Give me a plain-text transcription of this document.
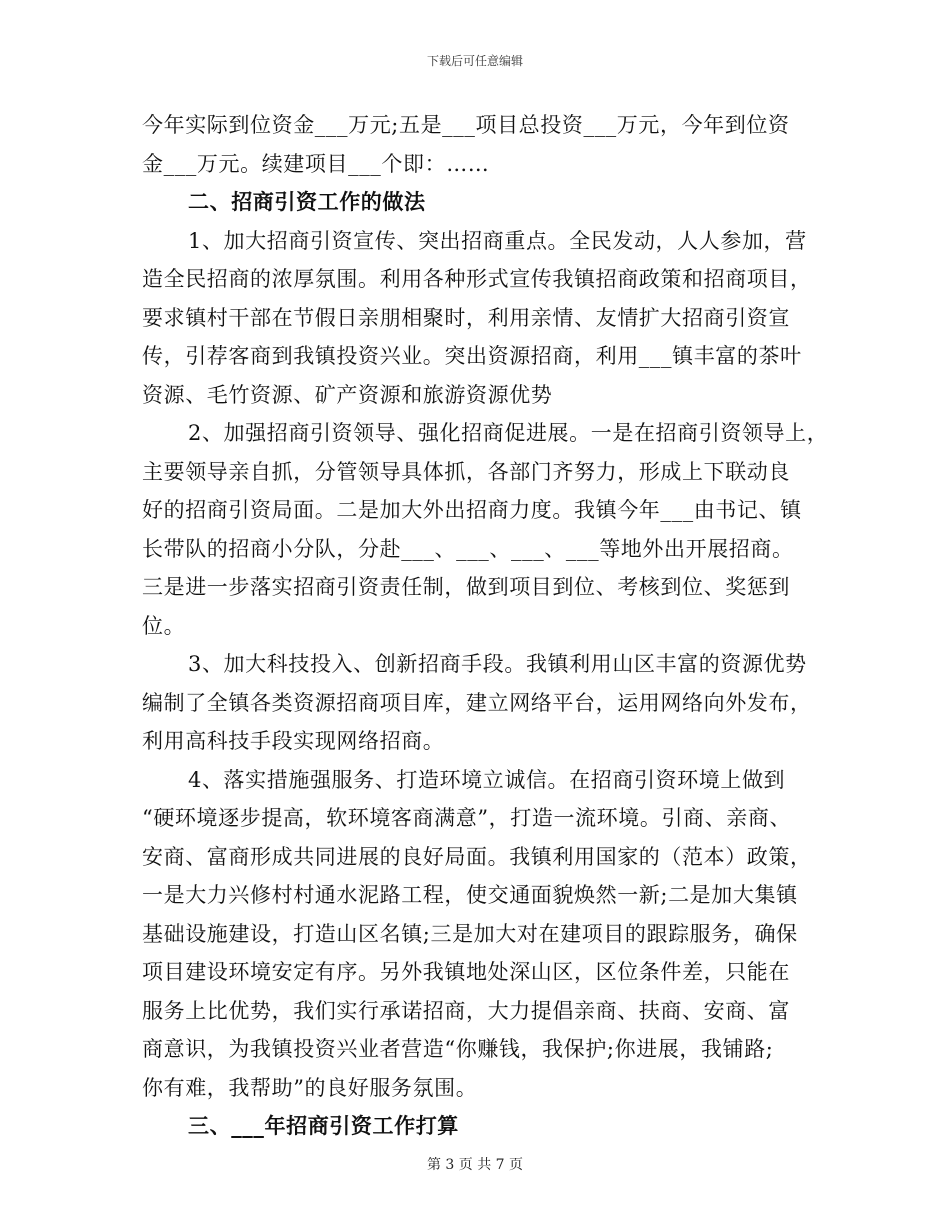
下载后可任意编辑
今年实际到位资金___万元;五是___项目总投资___万元，今年到位资
金___万元。续建项目___个即：……
二、招商引资工作的做法
1、加大招商引资宣传、突出招商重点。全民发动，人人参加，营
造全民招商的浓厚氛围。利用各种形式宣传我镇招商政策和招商项目，
要求镇村干部在节假日亲朋相聚时，利用亲情、友情扩大招商引资宣
传，引荐客商到我镇投资兴业。突出资源招商，利用___镇丰富的茶叶
资源、毛竹资源、矿产资源和旅游资源优势
2、加强招商引资领导、强化招商促进展。一是在招商引资领导上，
主要领导亲自抓，分管领导具体抓，各部门齐努力，形成上下联动良
好的招商引资局面。二是加大外出招商力度。我镇今年___由书记、镇
长带队的招商小分队，分赴___、___、___、___等地外出开展招商。
三是进一步落实招商引资责任制，做到项目到位、考核到位、奖惩到
位。
3、加大科技投入、创新招商手段。我镇利用山区丰富的资源优势
编制了全镇各类资源招商项目库，建立网络平台，运用网络向外发布，
利用高科技手段实现网络招商。
4、落实措施强服务、打造环境立诚信。在招商引资环境上做到
“硬环境逐步提高，软环境客商满意”，打造一流环境。引商、亲商、
安商、富商形成共同进展的良好局面。我镇利用国家的（范本）政策，
一是大力兴修村村通水泥路工程，使交通面貌焕然一新;二是加大集镇
基础设施建设，打造山区名镇;三是加大对在建项目的跟踪服务，确保
项目建设环境安定有序。另外我镇地处深山区，区位条件差，只能在
服务上比优势，我们实行承诺招商，大力提倡亲商、扶商、安商、富
商意识，为我镇投资兴业者营造“你赚钱，我保护;你进展，我铺路;
你有难，我帮助”的良好服务氛围。
三、___年招商引资工作打算
第 3 页 共 7 页
